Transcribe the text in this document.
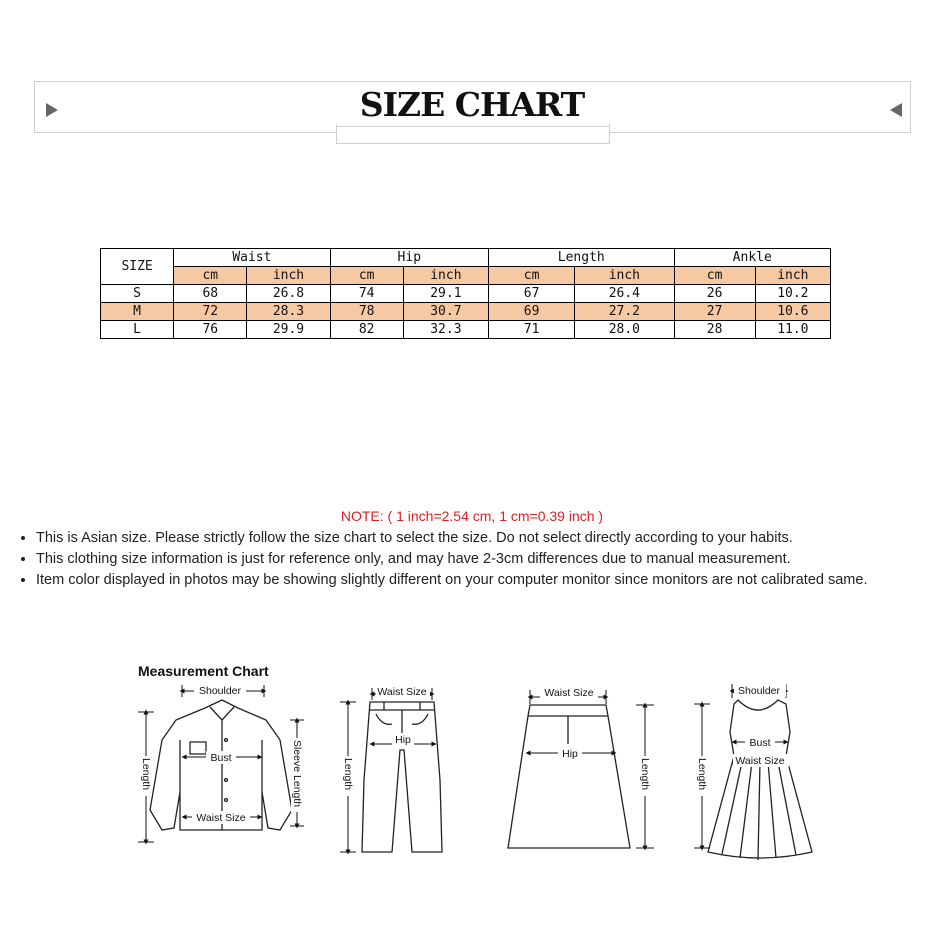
SIZE CHART
SIZE	Waist		Hip		Length		Ankle	
	cm	inch	cm	inch	cm	inch	cm	inch
S	68	26.8	74	29.1	67	26.4	26	10.2
M	72	28.3	78	30.7	69	27.2	27	10.6
L	76	29.9	82	32.3	71	28.0	28	11.0
NOTE: ( 1 inch=2.54 cm, 1 cm=0.39 inch )
• This is Asian size. Please strictly follow the size chart to select the size. Do not select directly according to your habits.
• This clothing size information is just for reference only, and may have 2-3cm differences due to manual measurement.
• Item color displayed in photos may be showing slightly different on your computer monitor since monitors are not calibrated same.
Measurement Chart
Shoulder
Bust
Waist Size
Length	Sleeve Length
Waist Size
Hip
Length
Waist Size
Hip
Length
Shoulder
Bust
Waist Size
Length
